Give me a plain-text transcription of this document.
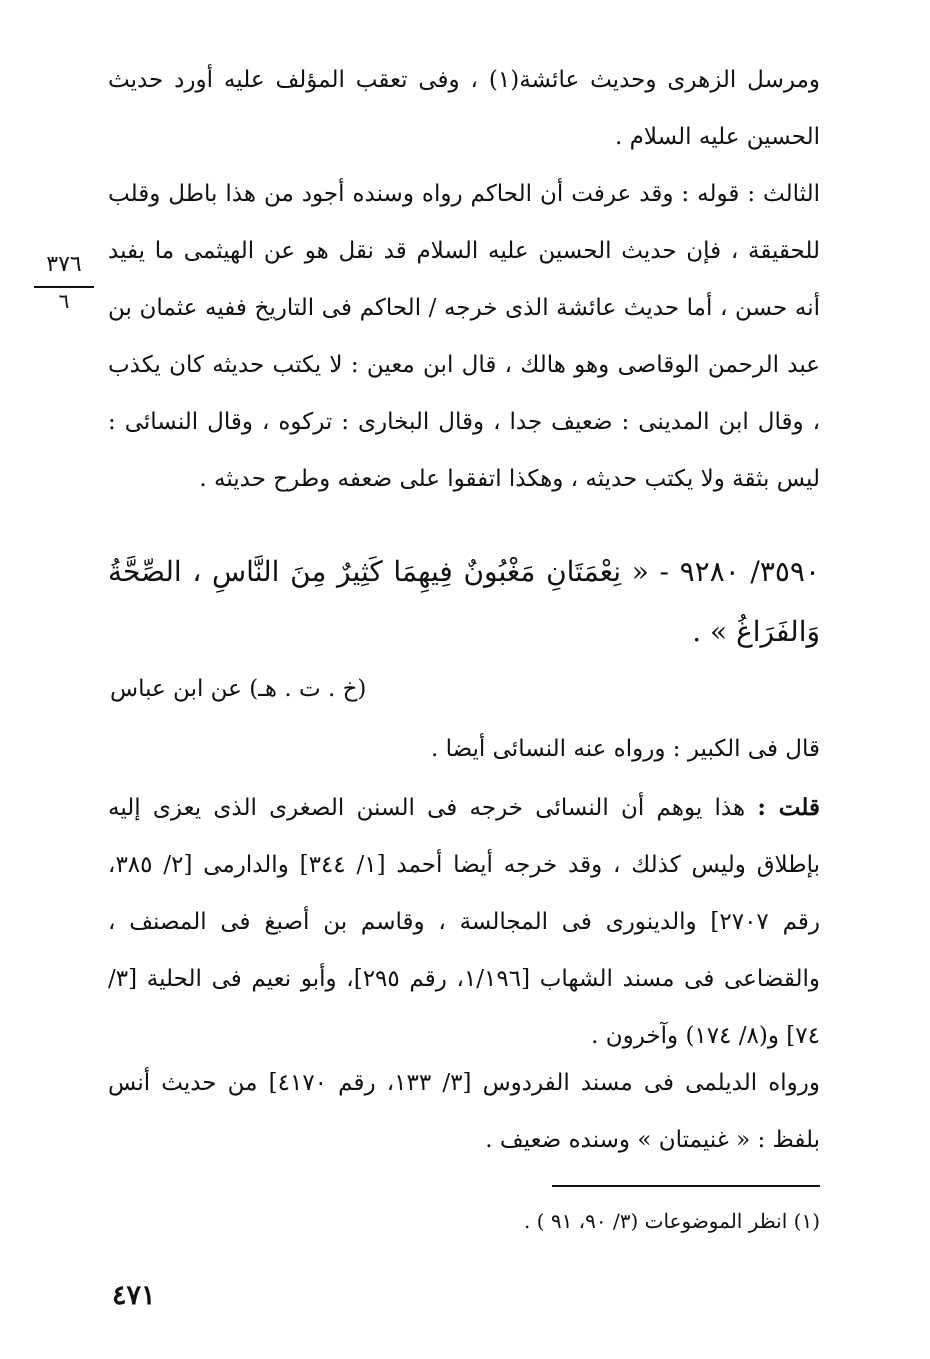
ومرسل الزهرى وحديث عائشة(١) ، وفى تعقب المؤلف عليه أورد حديث الحسين عليه السلام .
٣٧٦
٦
الثالث : قوله : وقد عرفت أن الحاكم رواه وسنده أجود من هذا باطل وقلب للحقيقة ، فإن حديث الحسين عليه السلام قد نقل هو عن الهيثمى ما يفيد أنه حسن ، أما حديث عائشة الذى خرجه / الحاكم فى التاريخ ففيه عثمان بن عبد الرحمن الوقاصى وهو هالك ، قال ابن معين : لا يكتب حديثه كان يكذب ، وقال ابن المدينى : ضعيف جدا ، وقال البخارى : تركوه ، وقال النسائى : ليس بثقة ولا يكتب حديثه ، وهكذا اتفقوا على ضعفه وطرح حديثه .
٣٥٩٠/ ٩٢٨٠ - « نِعْمَتَانِ مَغْبُونٌ فِيهِمَا كَثِيرٌ مِنَ النَّاسِ ، الصِّحَّةُ وَالفَرَاغُ » .
(خ . ت . هـ) عن ابن عباس
قال فى الكبير : ورواه عنه النسائى أيضا .
قلت : هذا يوهم أن النسائى خرجه فى السنن الصغرى الذى يعزى إليه بإطلاق وليس كذلك ، وقد خرجه أيضا أحمد [١/ ٣٤٤] والدارمى [٢/ ٣٨٥، رقم ٢٧٠٧] والدينورى فى المجالسة ، وقاسم بن أصبغ فى المصنف ، والقضاعى فى مسند الشهاب [١/١٩٦، رقم ٢٩٥]، وأبو نعيم فى الحلية [٣/ ٧٤] و(٨/ ١٧٤) وآخرون .
ورواه الديلمى فى مسند الفردوس [٣/ ١٣٣، رقم ٤١٧٠] من حديث أنس بلفظ : « غنيمتان » وسنده ضعيف .
(١) انظر الموضوعات (٣/ ٩٠، ٩١ ) .
٤٧١
